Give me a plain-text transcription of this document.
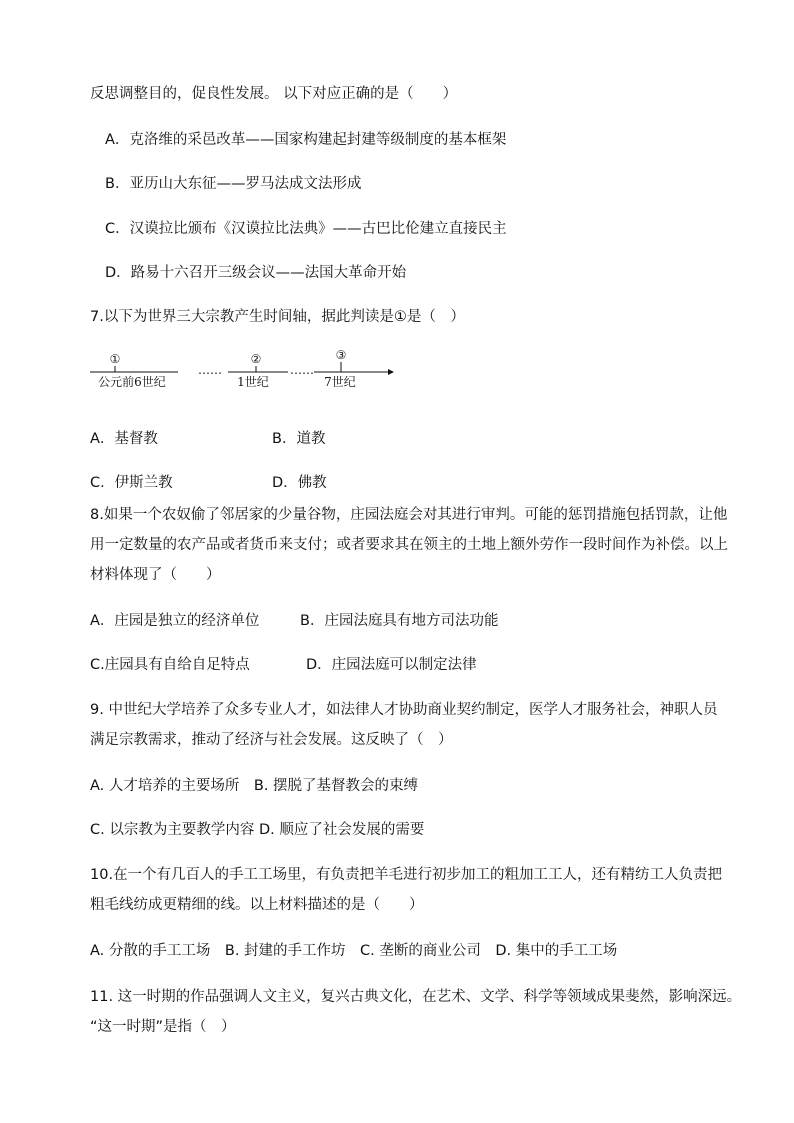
反思调整目的，促良性发展。 以下对应正确的是（　　）
A．克洛维的采邑改革——国家构建起封建等级制度的基本框架
B．亚历山大东征——罗马法成文法形成
C．汉谟拉比颁布《汉谟拉比法典》——古巴比伦建立直接民主
D．路易十六召开三级会议——法国大革命开始
7.以下为世界三大宗教产生时间轴，据此判读是①是（　）
①	②	③
……	……
公元前6世纪	1世纪	7世纪
A．基督教	B．道教
C．伊斯兰教	D．佛教
8.如果一个农奴偷了邻居家的少量谷物，庄园法庭会对其进行审判。可能的惩罚措施包括罚款，让他
用一定数量的农产品或者货币来支付；或者要求其在领主的土地上额外劳作一段时间作为补偿。以上
材料体现了（　　）
A．庄园是独立的经济单位	B．庄园法庭具有地方司法功能
C.庄园具有自给自足特点	D．庄园法庭可以制定法律
9. 中世纪大学培养了众多专业人才，如法律人才协助商业契约制定，医学人才服务社会，神职人员
满足宗教需求，推动了经济与社会发展。这反映了（　）
A. 人才培养的主要场所　B. 摆脱了基督教会的束缚
C. 以宗教为主要教学内容 D. 顺应了社会发展的需要
10.在一个有几百人的手工工场里，有负责把羊毛进行初步加工的粗加工工人，还有精纺工人负责把
粗毛线纺成更精细的线。以上材料描述的是（　　）
A. 分散的手工工场　B. 封建的手工作坊　C. 垄断的商业公司　D. 集中的手工工场
11. 这一时期的作品强调人文主义，复兴古典文化，在艺术、文学、科学等领域成果斐然，影响深远。
“这一时期”是指（　）
